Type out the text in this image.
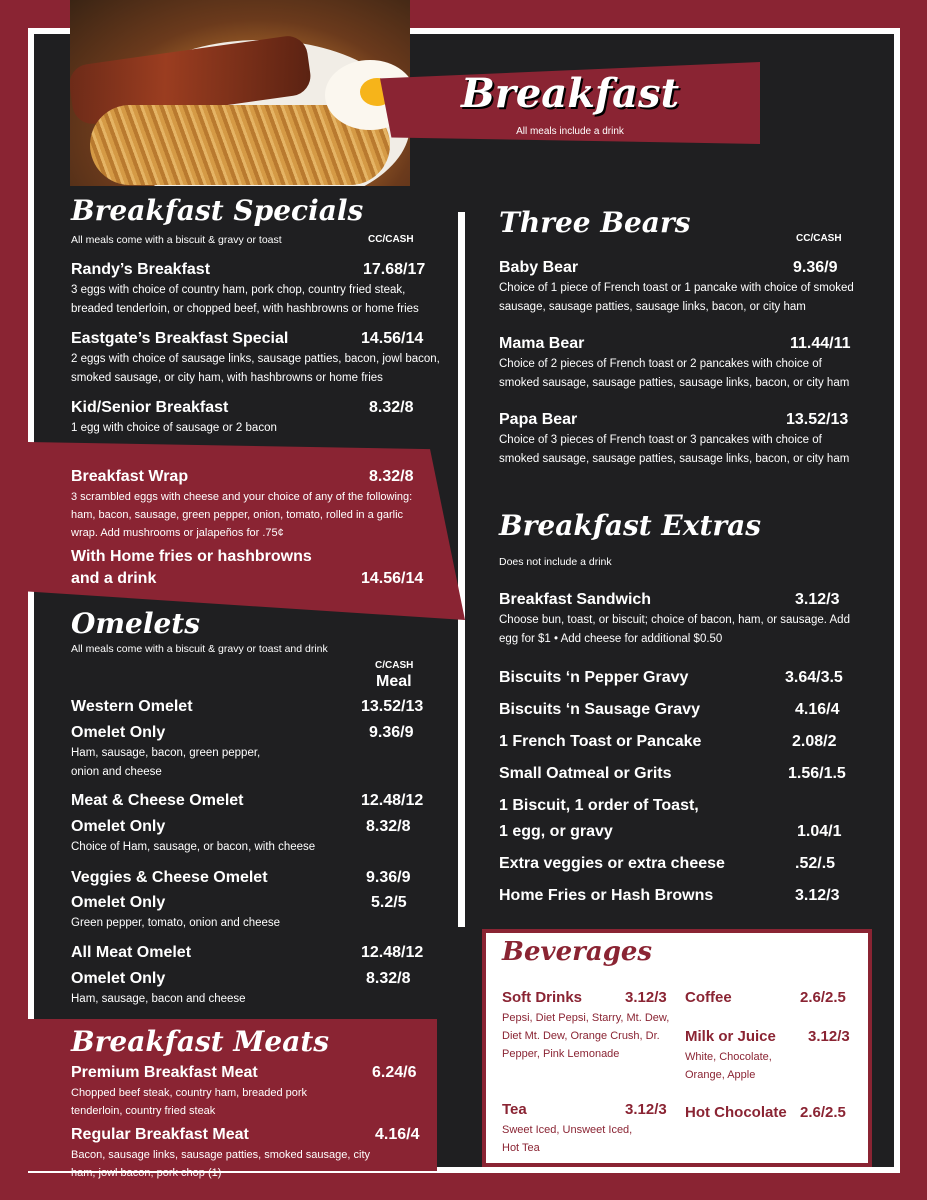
Breakfast
All meals include a drink
Breakfast Specials
All meals come with a biscuit & gravy or toast	CC/CASH
Randy’s Breakfast	17.68/17
3 eggs with choice of country ham, pork chop, country fried steak, breaded tenderloin, or chopped beef, with hashbrowns or home fries
Eastgate’s Breakfast Special	14.56/14
2 eggs with choice of sausage links, sausage patties, bacon, jowl bacon, smoked sausage, or city ham, with hashbrowns or home fries
Kid/Senior Breakfast	8.32/8
1 egg with choice of sausage or 2 bacon
Breakfast Wrap	8.32/8
3 scrambled eggs with cheese and your choice of any of the following: ham, bacon, sausage, green pepper, onion, tomato, rolled in a garlic wrap. Add mushrooms or jalapeños for .75¢
With Home fries or hashbrowns
and a drink	14.56/14
Omelets
All meals come with a biscuit & gravy or toast and drink
C/CASH
Meal
Western Omelet	13.52/13
Omelet Only	9.36/9
Ham, sausage, bacon, green pepper, onion and cheese
Meat & Cheese Omelet	12.48/12
Omelet Only	8.32/8
Choice of Ham, sausage, or bacon, with cheese
Veggies & Cheese Omelet	9.36/9
Omelet Only	5.2/5
Green pepper, tomato, onion and cheese
All Meat Omelet	12.48/12
Omelet Only	8.32/8
Ham, sausage, bacon and cheese
Breakfast Meats
Premium Breakfast Meat	6.24/6
Chopped beef steak, country ham, breaded pork tenderloin, country fried steak
Regular Breakfast Meat	4.16/4
Bacon, sausage links, sausage patties, smoked sausage, city ham, jowl bacon, pork chop (1)
Three Bears	CC/CASH
Baby Bear	9.36/9
Choice of 1 piece of French toast or 1 pancake with choice of smoked sausage, sausage patties, sausage links, bacon, or city ham
Mama Bear	11.44/11
Choice of 2 pieces of French toast or 2 pancakes with choice of smoked sausage, sausage patties, sausage links, bacon, or city ham
Papa Bear	13.52/13
Choice of 3 pieces of French toast or 3 pancakes with choice of smoked sausage, sausage patties, sausage links, bacon, or city ham
Breakfast Extras
Does not include a drink
Breakfast Sandwich	3.12/3
Choose bun, toast, or biscuit; choice of bacon, ham, or sausage. Add egg for $1 • Add cheese for additional $0.50
Biscuits ‘n Pepper Gravy	3.64/3.5
Biscuits ‘n Sausage Gravy	4.16/4
1 French Toast or Pancake	2.08/2
Small Oatmeal or Grits	1.56/1.5
1 Biscuit, 1 order of Toast,
1 egg, or gravy	1.04/1
Extra veggies or extra cheese	.52/.5
Home Fries or Hash Browns	3.12/3
Beverages
Soft Drinks	3.12/3
Pepsi, Diet Pepsi, Starry, Mt. Dew, Diet Mt. Dew, Orange Crush, Dr. Pepper, Pink Lemonade
Tea	3.12/3
Sweet Iced, Unsweet Iced, Hot Tea
Coffee	2.6/2.5
Milk or Juice 3.12/3
White, Chocolate, Orange, Apple
Hot Chocolate 2.6/2.5
